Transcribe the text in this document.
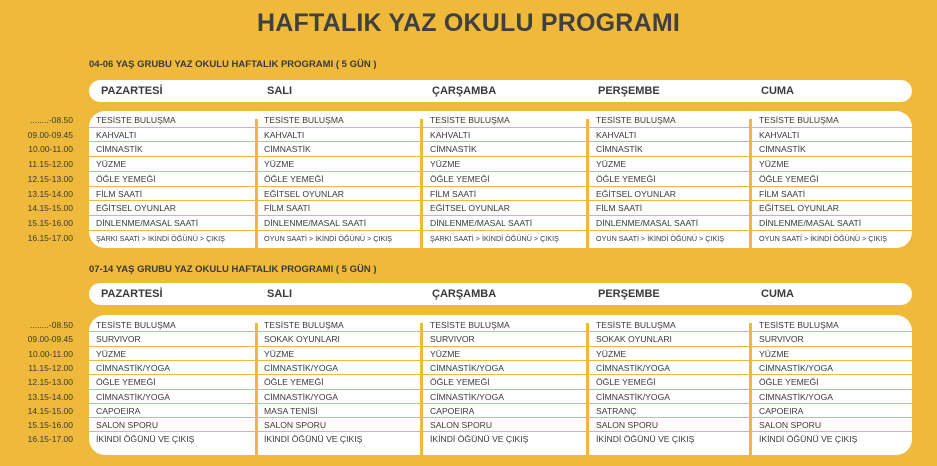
HAFTALIK YAZ OKULU PROGRAMI
04-06 YAŞ GRUBU YAZ OKULU HAFTALIK PROGRAMI ( 5 GÜN )
PAZARTESİ	SALI	ÇARŞAMBA	PERŞEMBE	CUMA
........-08.50	TESİSTE BULUŞMA	TESİSTE BULUŞMA	TESİSTE BULUŞMA	TESİSTE BULUŞMA	TESİSTE BULUŞMA
09.00-09.45	KAHVALTI	KAHVALTI	KAHVALTI	KAHVALTI	KAHVALTI
10.00-11.00	CİMNASTİK	CİMNASTİK	CİMNASTİK	CİMNASTİK	CİMNASTİK
11.15-12.00	YÜZME	YÜZME	YÜZME	YÜZME	YÜZME
12.15-13.00	ÖĞLE YEMEĞİ	ÖĞLE YEMEĞİ	ÖĞLE YEMEĞİ	ÖĞLE YEMEĞİ	ÖĞLE YEMEĞİ
13.15-14.00	FİLM SAATİ	EĞİTSEL OYUNLAR	FİLM SAATİ	EĞİTSEL OYUNLAR	FİLM SAATİ
14.15-15.00	EĞİTSEL OYUNLAR	FİLM SAATİ	EĞİTSEL OYUNLAR	FİLM SAATİ	EĞİTSEL OYUNLAR
15.15-16.00	DİNLENME/MASAL SAATİ	DİNLENME/MASAL SAATİ	DİNLENME/MASAL SAATİ	DİNLENME/MASAL SAATİ	DİNLENME/MASAL SAATİ
16.15-17.00	ŞARKI SAATİ > İKİNDİ ÖĞÜNÜ > ÇIKIŞ	OYUN SAATİ > İKİNDİ ÖĞÜNÜ > ÇIKIŞ	ŞARKI SAATİ > İKİNDİ ÖĞÜNÜ > ÇIKIŞ	OYUN SAATİ > İKİNDİ ÖĞÜNÜ > ÇIKIŞ	OYUN SAATİ > İKİNDİ ÖĞÜNÜ > ÇIKIŞ
07-14 YAŞ GRUBU YAZ OKULU HAFTALIK PROGRAMI ( 5 GÜN )
PAZARTESİ	SALI	ÇARŞAMBA	PERŞEMBE	CUMA
........-08.50	TESİSTE BULUŞMA	TESİSTE BULUŞMA	TESİSTE BULUŞMA	TESİSTE BULUŞMA	TESİSTE BULUŞMA
09.00-09.45	SURVIVOR	SOKAK OYUNLARI	SURVIVOR	SOKAK OYUNLARI	SURVIVOR
10.00-11.00	YÜZME	YÜZME	YÜZME	YÜZME	YÜZME
11.15-12.00	CİMNASTİK/YOGA	CİMNASTİK/YOGA	CİMNASTİK/YOGA	CİMNASTİK/YOGA	CİMNASTİK/YOGA
12.15-13.00	ÖĞLE YEMEĞİ	ÖĞLE YEMEĞİ	ÖĞLE YEMEĞİ	ÖĞLE YEMEĞİ	ÖĞLE YEMEĞİ
13.15-14.00	CİMNASTİK/YOGA	CİMNASTİK/YOGA	CİMNASTİK/YOGA	CİMNASTİK/YOGA	CİMNASTİK/YOGA
14.15-15.00	CAPOEIRA	MASA TENİSİ	CAPOEIRA	SATRANÇ	CAPOEIRA
15.15-16.00	SALON SPORU	SALON SPORU	SALON SPORU	SALON SPORU	SALON SPORU
16.15-17.00	İKİNDİ ÖĞÜNÜ VE ÇIKIŞ	İKİNDİ ÖĞÜNÜ VE ÇIKIŞ	İKİNDİ ÖĞÜNÜ VE ÇIKIŞ	İKİNDİ ÖĞÜNÜ VE ÇIKIŞ	İKİNDİ ÖĞÜNÜ VE ÇIKIŞ
